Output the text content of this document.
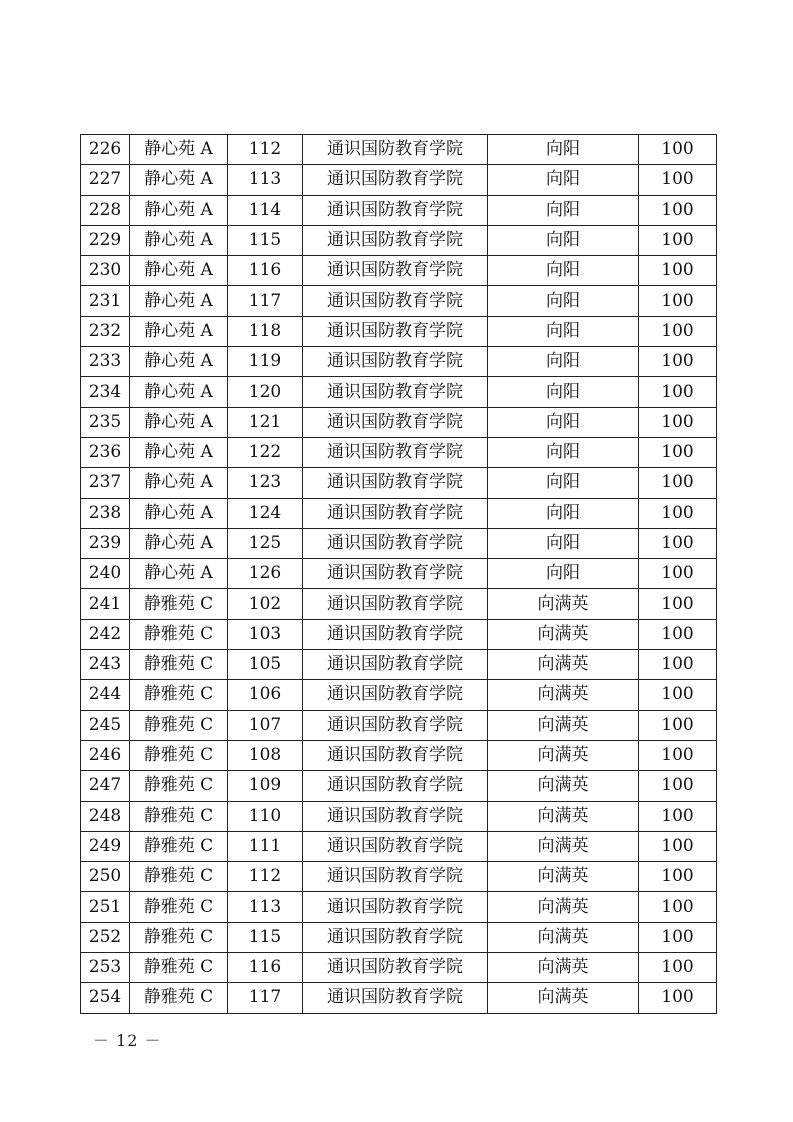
226	静心苑 A	112	通识国防教育学院	向阳	100
227	静心苑 A	113	通识国防教育学院	向阳	100
228	静心苑 A	114	通识国防教育学院	向阳	100
229	静心苑 A	115	通识国防教育学院	向阳	100
230	静心苑 A	116	通识国防教育学院	向阳	100
231	静心苑 A	117	通识国防教育学院	向阳	100
232	静心苑 A	118	通识国防教育学院	向阳	100
233	静心苑 A	119	通识国防教育学院	向阳	100
234	静心苑 A	120	通识国防教育学院	向阳	100
235	静心苑 A	121	通识国防教育学院	向阳	100
236	静心苑 A	122	通识国防教育学院	向阳	100
237	静心苑 A	123	通识国防教育学院	向阳	100
238	静心苑 A	124	通识国防教育学院	向阳	100
239	静心苑 A	125	通识国防教育学院	向阳	100
240	静心苑 A	126	通识国防教育学院	向阳	100
241	静雅苑 C	102	通识国防教育学院	向满英	100
242	静雅苑 C	103	通识国防教育学院	向满英	100
243	静雅苑 C	105	通识国防教育学院	向满英	100
244	静雅苑 C	106	通识国防教育学院	向满英	100
245	静雅苑 C	107	通识国防教育学院	向满英	100
246	静雅苑 C	108	通识国防教育学院	向满英	100
247	静雅苑 C	109	通识国防教育学院	向满英	100
248	静雅苑 C	110	通识国防教育学院	向满英	100
249	静雅苑 C	111	通识国防教育学院	向满英	100
250	静雅苑 C	112	通识国防教育学院	向满英	100
251	静雅苑 C	113	通识国防教育学院	向满英	100
252	静雅苑 C	115	通识国防教育学院	向满英	100
253	静雅苑 C	116	通识国防教育学院	向满英	100
254	静雅苑 C	117	通识国防教育学院	向满英	100
－ 12 －
